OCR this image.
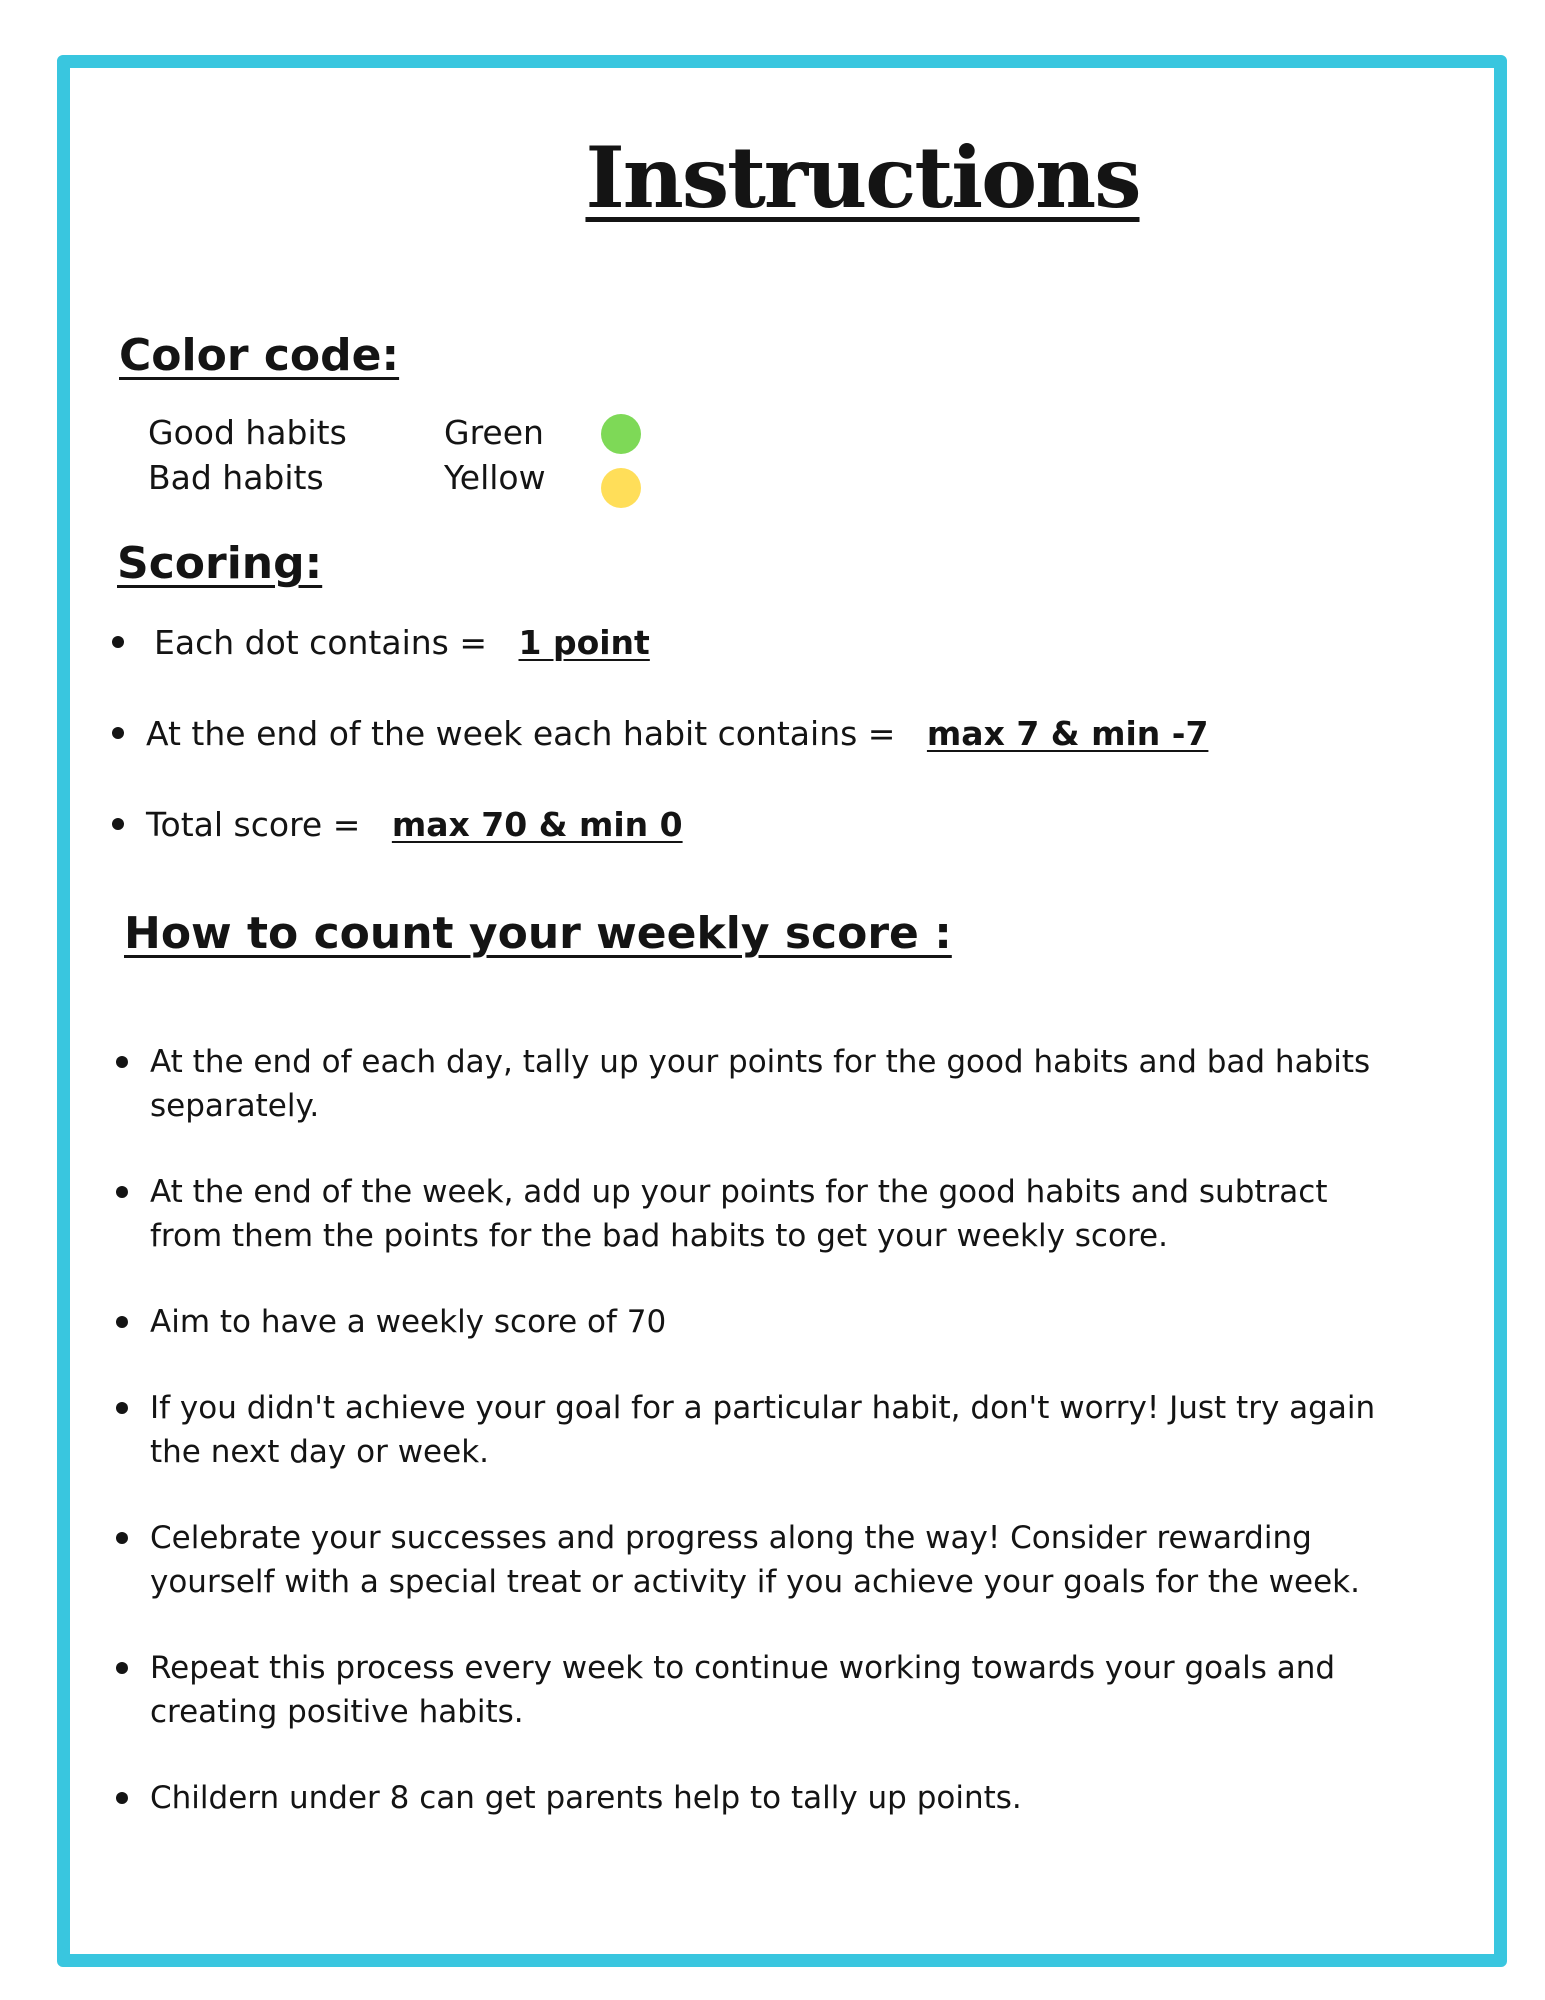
Instructions
Color code:
Good habits	Green
Bad habits	Yellow
Scoring:
Each dot contains =   1 point
At the end of the week each habit contains =   max 7 & min -7
Total score =   max 70 & min 0
How to count your weekly score :
At the end of each day, tally up your points for the good habits and bad habits separately.
At the end of the week, add up your points for the good habits and subtract from them the points for the bad habits to get your weekly score.
Aim to have a weekly score of 70
If you didn't achieve your goal for a particular habit, don't worry! Just try again the next day or week.
Celebrate your successes and progress along the way! Consider rewarding yourself with a special treat or activity if you achieve your goals for the week.
Repeat this process every week to continue working towards your goals and creating positive habits.
Childern under 8 can get parents help to tally up points.
